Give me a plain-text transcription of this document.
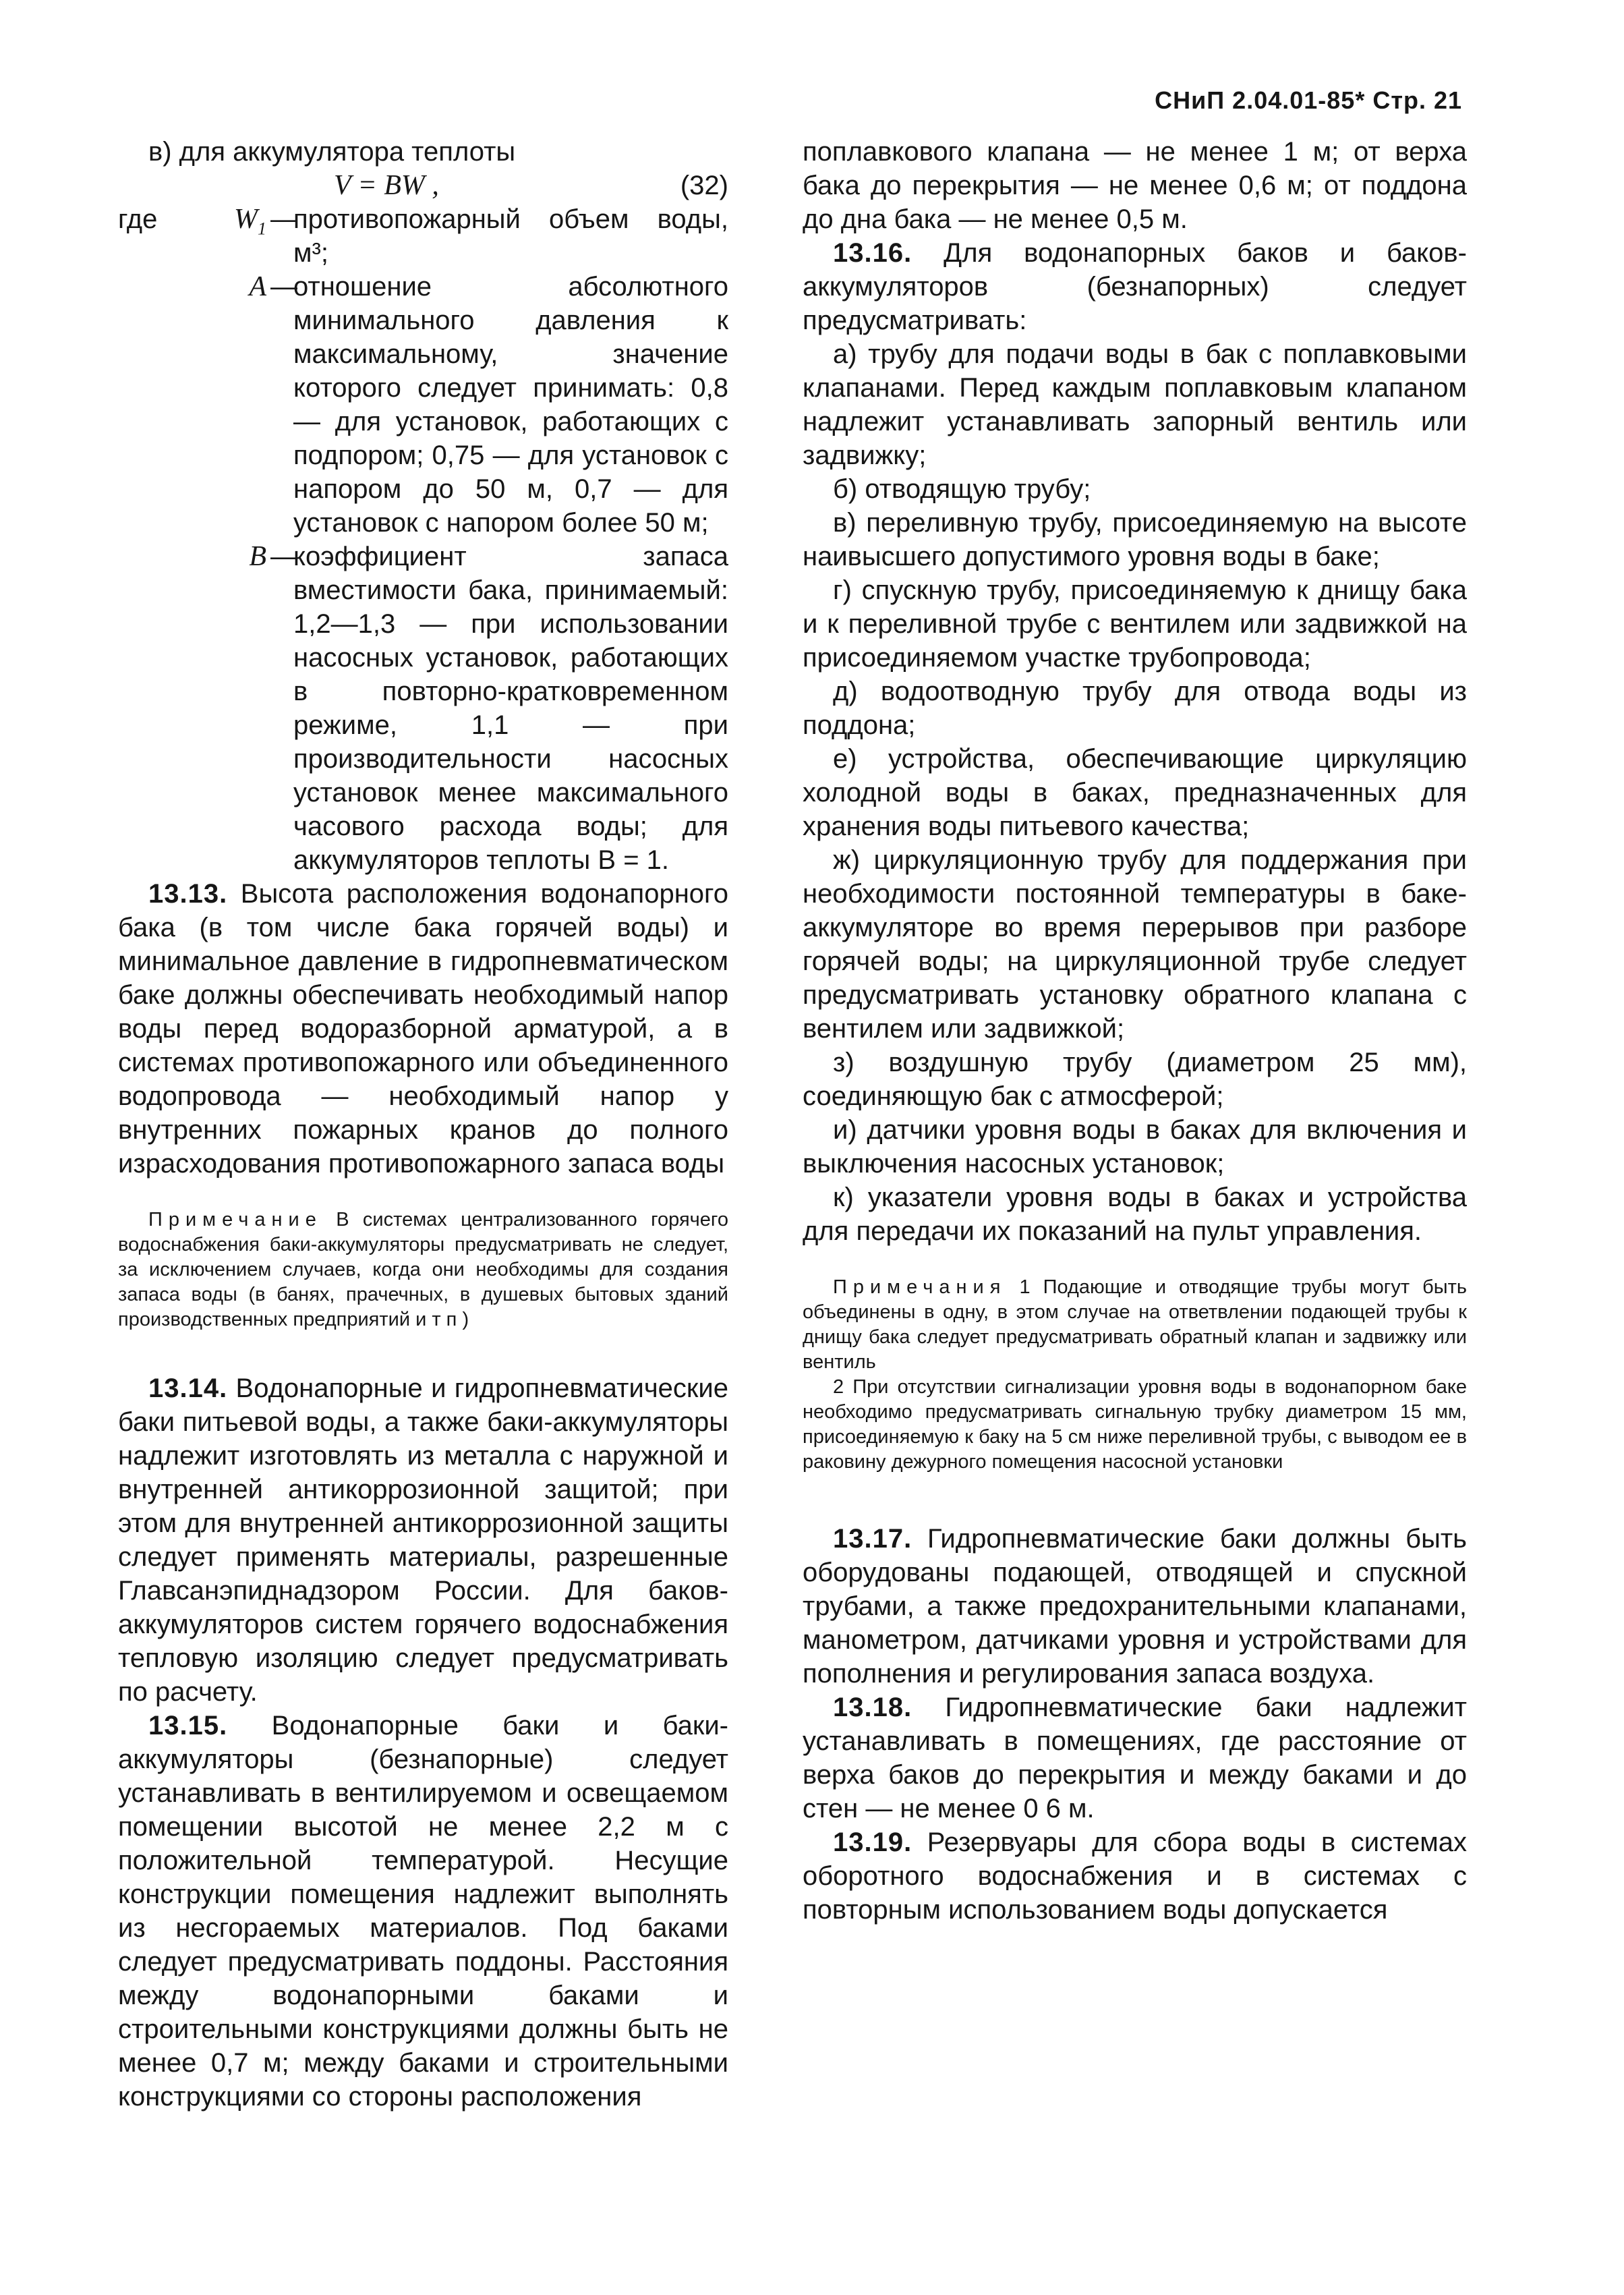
СНиП 2.04.01-85* Стр. 21

в) для аккумулятора теплоты

V = BW ,	(32)
где	$W_1$ —
противопожарный объем воды, м³;
A —
отношение абсолютного минимального давления к максимальному, значение которого следует принимать: 0,8 — для установок, работающих с подпором; 0,75 — для установок с напором до 50 м, 0,7 — для установок с напором более 50 м;
B —
коэффициент запаса вместимости бака, принимаемый: 1,2—1,3 — при использовании насосных установок, работающих в повторно-кратковременном режиме, 1,1 — при производительности насосных установок менее максимального часового расхода воды; для аккумуляторов теплоты B = 1.

13.13. Высота расположения водонапорного бака (в том числе бака горячей воды) и минимальное давление в гидропневматическом баке должны обеспечивать необходимый напор воды перед водоразборной арматурой, а в системах противопожарного или объединенного водопровода — необходимый напор у внутренних пожарных кранов до полного израсходования противопожарного запаса воды

Примечание В системах централизованного горячего водоснабжения баки-аккумуляторы предусматривать не следует, за исключением случаев, когда они необходимы для создания запаса воды (в банях, прачечных, в душевых бытовых зданий производственных предприятий и т п )

13.14. Водонапорные и гидропневматические баки питьевой воды, а также баки-аккумуляторы надлежит изготовлять из металла с наружной и внутренней антикоррозионной защитой; при этом для внутренней антикоррозионной защиты следует применять материалы, разрешенные Главсанэпиднадзором России. Для баков-аккумуляторов систем горячего водоснабжения тепловую изоляцию следует предусматривать по расчету.

13.15. Водонапорные баки и баки-аккумуляторы (безнапорные) следует устанавливать в вентилируемом и освещаемом помещении высотой не менее 2,2 м с положительной температурой. Несущие конструкции помещения надлежит выполнять из несгораемых материалов. Под баками следует предусматривать поддоны. Расстояния между водонапорными баками и строительными конструкциями должны быть не менее 0,7 м; между баками и строительными конструкциями со стороны расположения

поплавкового клапана — не менее 1 м; от верха бака до перекрытия — не менее 0,6 м; от поддона до дна бака — не менее 0,5 м.

13.16. Для водонапорных баков и баков-аккумуляторов (безнапорных) следует предусматривать:

а) трубу для подачи воды в бак с поплавковыми клапанами. Перед каждым поплавковым клапаном надлежит устанавливать запорный вентиль или задвижку;

б) отводящую трубу;

в) переливную трубу, присоединяемую на высоте наивысшего допустимого уровня воды в баке;

г) спускную трубу, присоединяемую к днищу бака и к переливной трубе с вентилем или задвижкой на присоединяемом участке трубопровода;

д) водоотводную трубу для отвода воды из поддона;

е) устройства, обеспечивающие циркуляцию холодной воды в баках, предназначенных для хранения воды питьевого качества;

ж) циркуляционную трубу для поддержания при необходимости постоянной температуры в баке-аккумуляторе во время перерывов при разборе горячей воды; на циркуляционной трубе следует предусматривать установку обратного клапана с вентилем или задвижкой;

з) воздушную трубу (диаметром 25 мм), соединяющую бак с атмосферой;

и) датчики уровня воды в баках для включения и выключения насосных установок;

к) указатели уровня воды в баках и устройства для передачи их показаний на пульт управления.

Примечания 1 Подающие и отводящие трубы могут быть объединены в одну, в этом случае на ответвлении подающей трубы к днищу бака следует предусматривать обратный клапан и задвижку или вентиль

2 При отсутствии сигнализации уровня воды в водонапорном баке необходимо предусматривать сигнальную трубку диаметром 15 мм, присоединяемую к баку на 5 см ниже переливной трубы, с выводом ее в раковину дежурного помещения насосной установки

13.17. Гидропневматические баки должны быть оборудованы подающей, отводящей и спускной трубами, а также предохранительными клапанами, манометром, датчиками уровня и устройствами для пополнения и регулирования запаса воздуха.

13.18. Гидропневматические баки надлежит устанавливать в помещениях, где расстояние от верха баков до перекрытия и между баками и до стен — не менее 0 6 м.

13.19. Резервуары для сбора воды в системах оборотного водоснабжения и в системах с повторным использованием воды допускается
